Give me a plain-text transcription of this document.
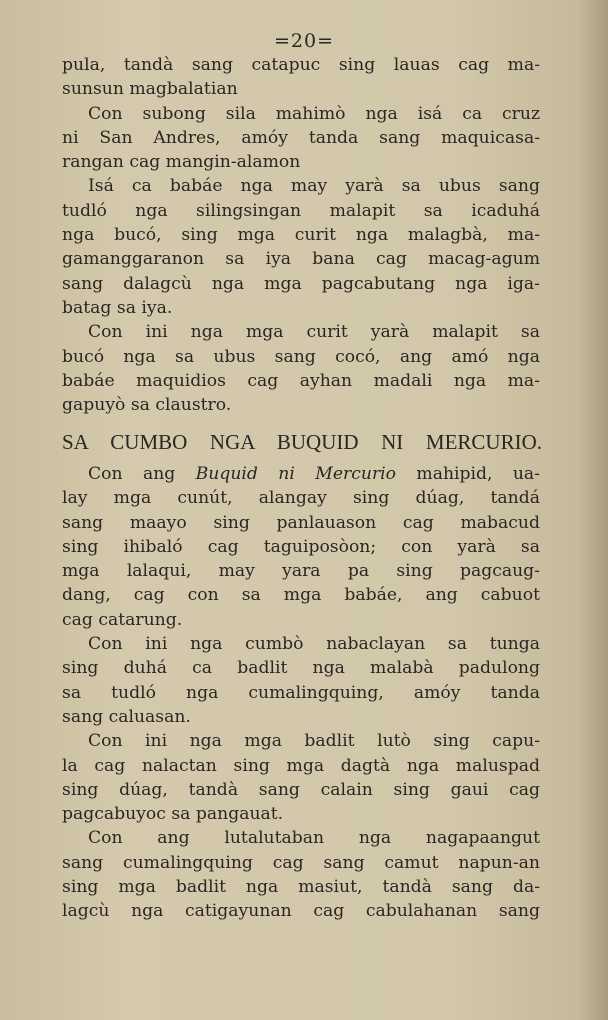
=20=
pula, tandà sang catapuc sing lauas cag ma-
sunsun magbalatian
Con subong sila mahimò nga isá ca cruz
ni San Andres, amóy tanda sang maquicasa-
rangan cag mangin-alamon
Isá ca babáe nga may yarà sa ubus sang
tudló nga silingsingan malapit sa icaduhá
nga bucó, sing mga curit nga malagbà, ma-
gamanggaranon sa iya bana cag macag-agum
sang dalagcù nga mga pagcabutang nga iga-
batag sa iya.
Con ini nga mga curit yarà malapit sa
bucó nga sa ubus sang cocó, ang amó nga
babáe maquidios cag ayhan madali nga ma-
gapuyò sa claustro.
SA CUMBO NGA BUQUID NI MERCURIO.
Con ang Buquid ni Mercurio mahipid, ua-
lay mga cunút, alangay sing dúag, tandá
sang maayo sing panlauason cag mabacud
sing ihibaló cag taguiposòon; con yarà sa
mga lalaqui, may yara pa sing pagcaug-
dang, cag con sa mga babáe, ang cabuot
cag catarung.
Con ini nga cumbò nabaclayan sa tunga
sing duhá ca badlit nga malabà padulong
sa tudló nga cumalingquing, amóy tanda
sang caluasan.
Con ini nga mga badlit lutò sing capu-
la cag nalactan sing mga dagtà nga maluspad
sing dúag, tandà sang calain sing gaui cag
pagcabuyoc sa pangauat.
Con ang lutalutaban nga nagapaangut
sang cumalingquing cag sang camut napun-an
sing mga badlit nga masiut, tandà sang da-
lagcù nga catigayunan cag cabulahanan sang
